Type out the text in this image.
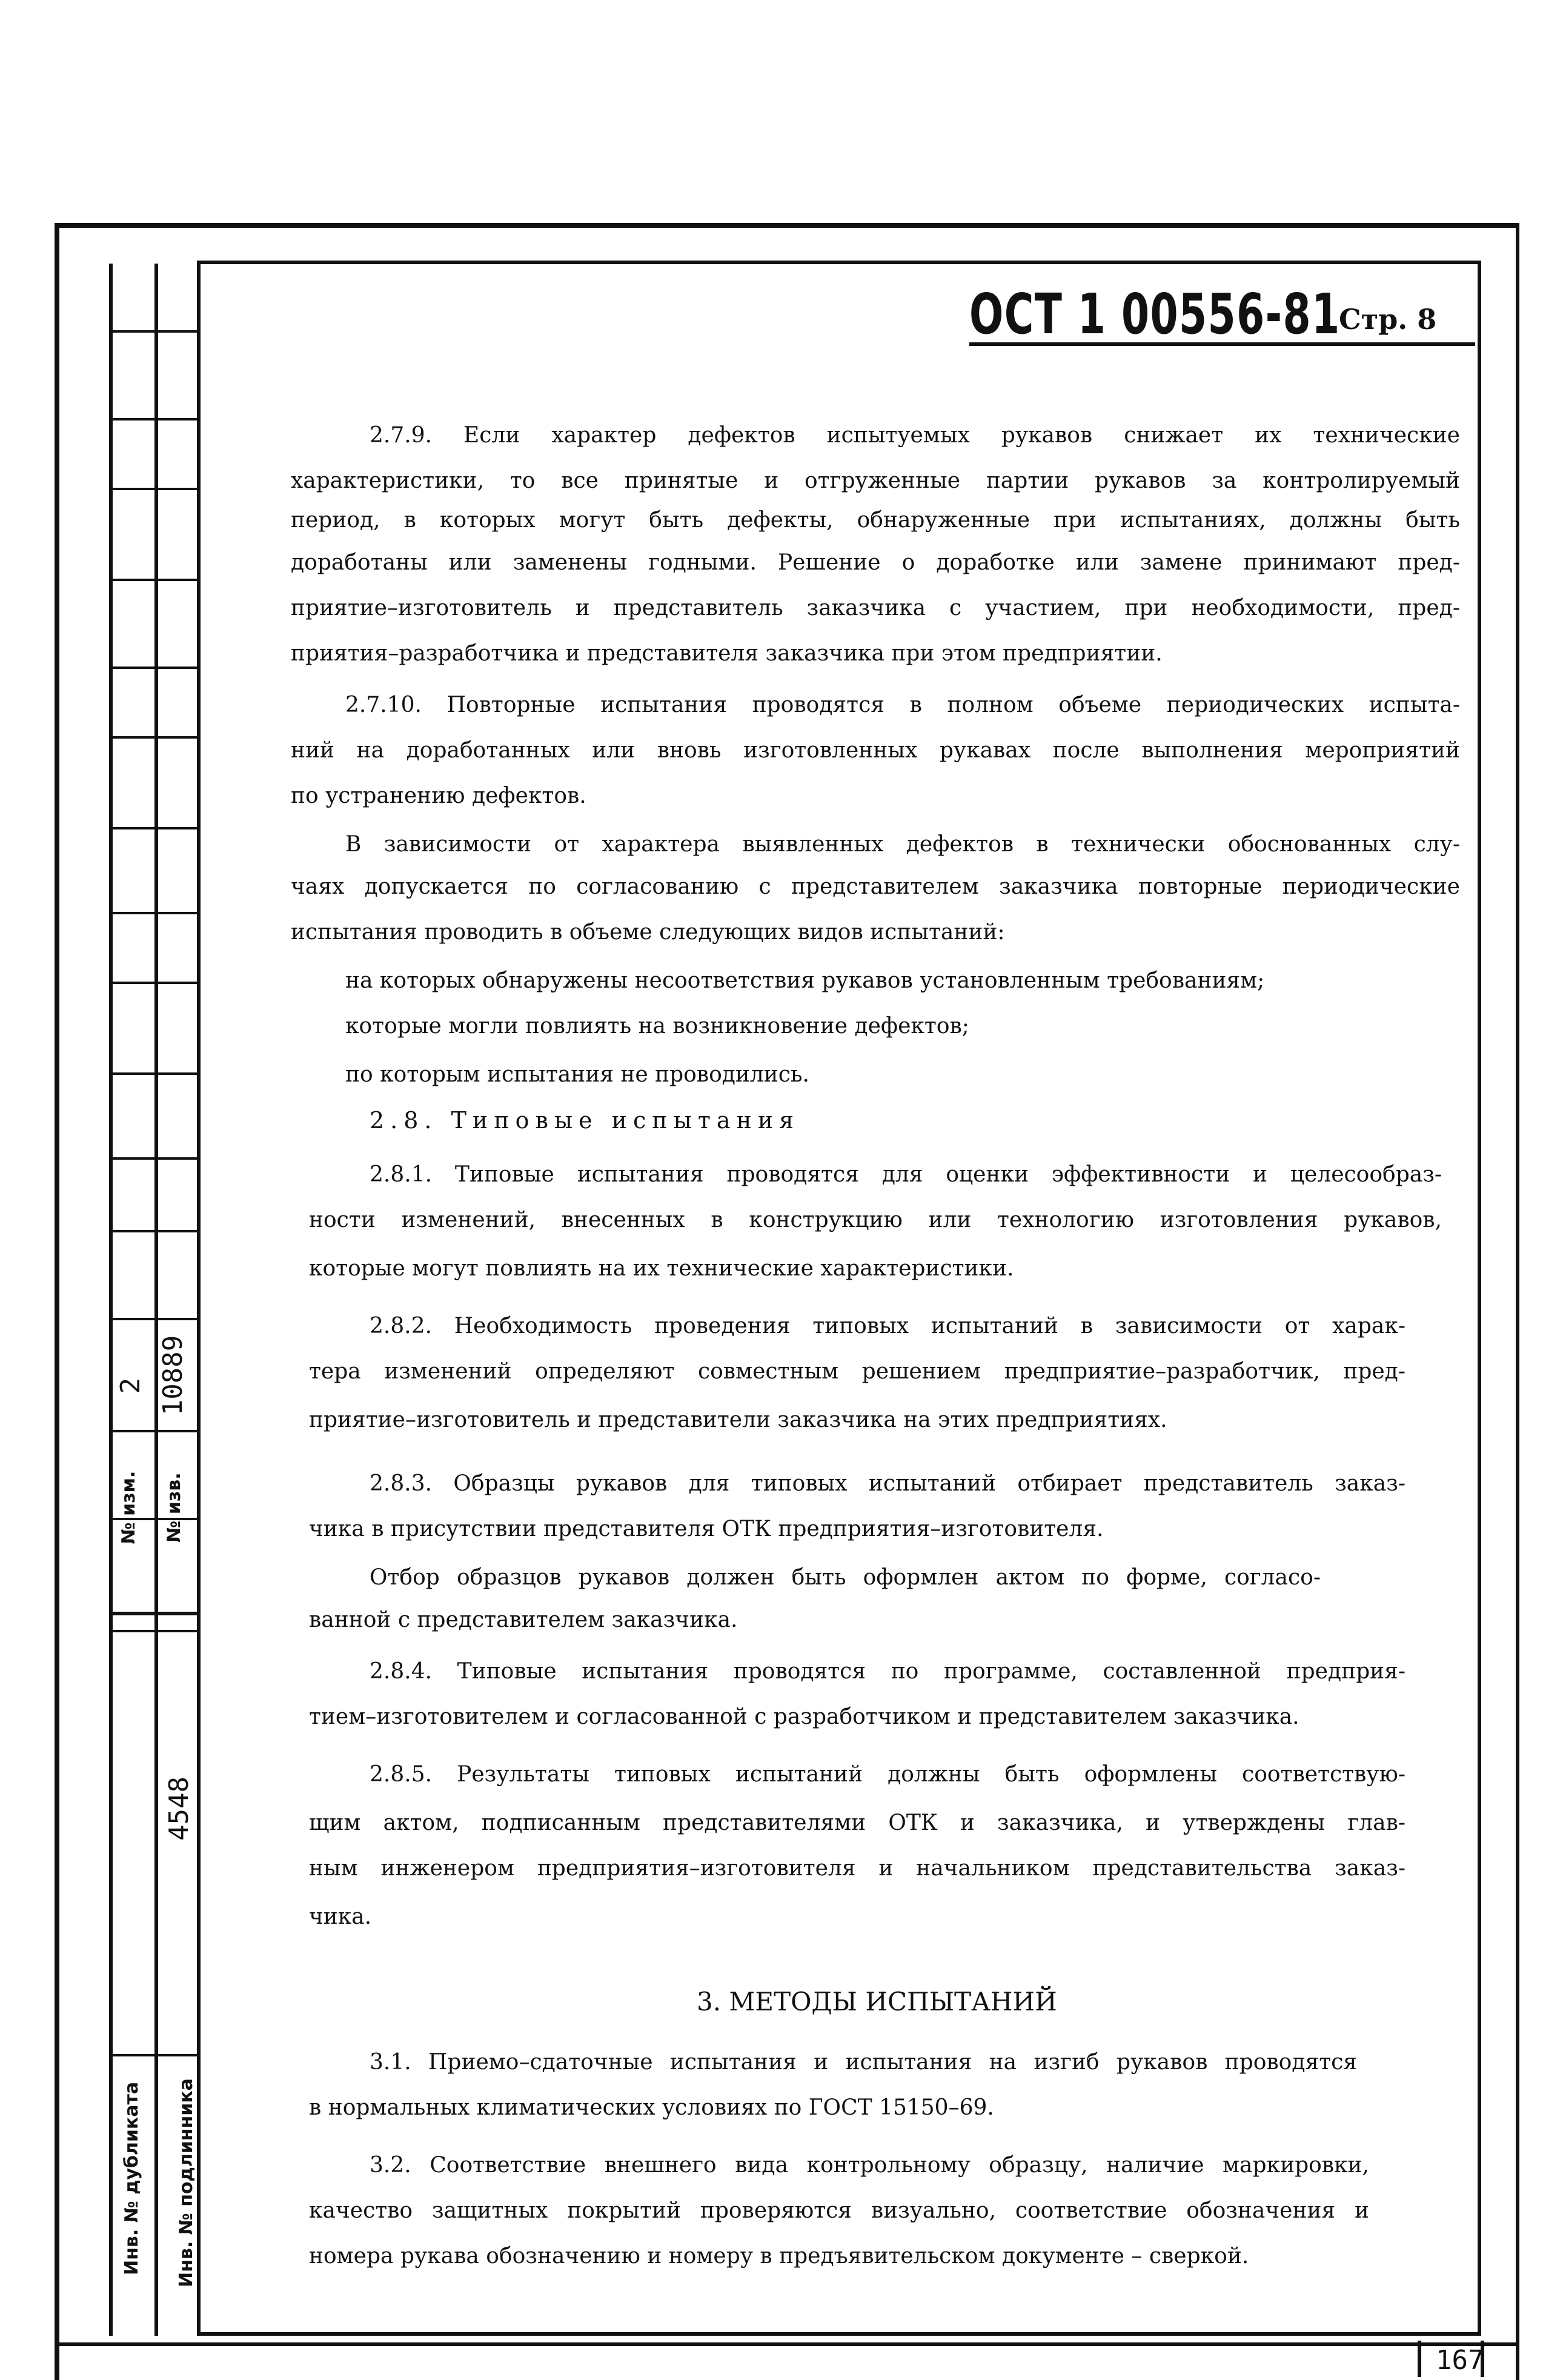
№ изм.
2
№ изв.
10889
Инв. № дубликата Инв. № подлинника
4548
ОСТ 1 00556-81
Стр. 8
2.7.9. Если характер дефектов испытуемых рукавов снижает их технические
характеристики, то все принятые и отгруженные партии рукавов за контролируемый
период, в которых могут быть дефекты, обнаруженные при испытаниях, должны быть
доработаны или заменены годными. Решение о доработке или замене принимают пред-
приятие–изготовитель и представитель заказчика с участием, при необходимости, пред-
приятия–разработчика и представителя заказчика при этом предприятии.
2.7.10. Повторные испытания проводятся в полном объеме периодических испыта-
ний на доработанных или вновь изготовленных рукавах после выполнения мероприятий
по устранению дефектов.
В зависимости от характера выявленных дефектов в технически обоснованных слу-
чаях допускается по согласованию с представителем заказчика повторные периодические
испытания проводить в объеме следующих видов испытаний:
на которых обнаружены несоответствия рукавов установленным требованиям;
которые могли повлиять на возникновение дефектов;
по которым испытания не проводились.
2.8.1. Типовые испытания проводятся для оценки эффективности и целесообраз-
ности изменений, внесенных в конструкцию или технологию изготовления рукавов,
которые могут повлиять на их технические характеристики.
2.8.2. Необходимость проведения типовых испытаний в зависимости от харак-
тера изменений определяют совместным решением предприятие–разработчик, пред-
приятие–изготовитель и представители заказчика на этих предприятиях.
2.8.3. Образцы рукавов для типовых испытаний отбирает представитель заказ-
чика в присутствии представителя ОТК предприятия–изготовителя.
Отбор образцов рукавов должен быть оформлен актом по форме, согласо-
ванной с представителем заказчика.
2.8.4. Типовые испытания проводятся по программе, составленной предприя-
тием–изготовителем и согласованной с разработчиком и представителем заказчика.
2.8.5. Результаты типовых испытаний должны быть оформлены соответствую-
щим актом, подписанным представителями ОТК и заказчика, и утверждены глав-
ным инженером предприятия–изготовителя и начальником представительства заказ-
чика.
3.1. Приемо–сдаточные испытания и испытания на изгиб рукавов проводятся
в нормальных климатических условиях по ГОСТ 15150–69.
3.2. Соответствие внешнего вида контрольному образцу, наличие маркировки,
качество защитных покрытий проверяются визуально, соответствие обозначения и
номера рукава обозначению и номеру в предъявительском документе – сверкой.
2.8. Типовые испытания
3. МЕТОДЫ ИСПЫТАНИЙ
167
